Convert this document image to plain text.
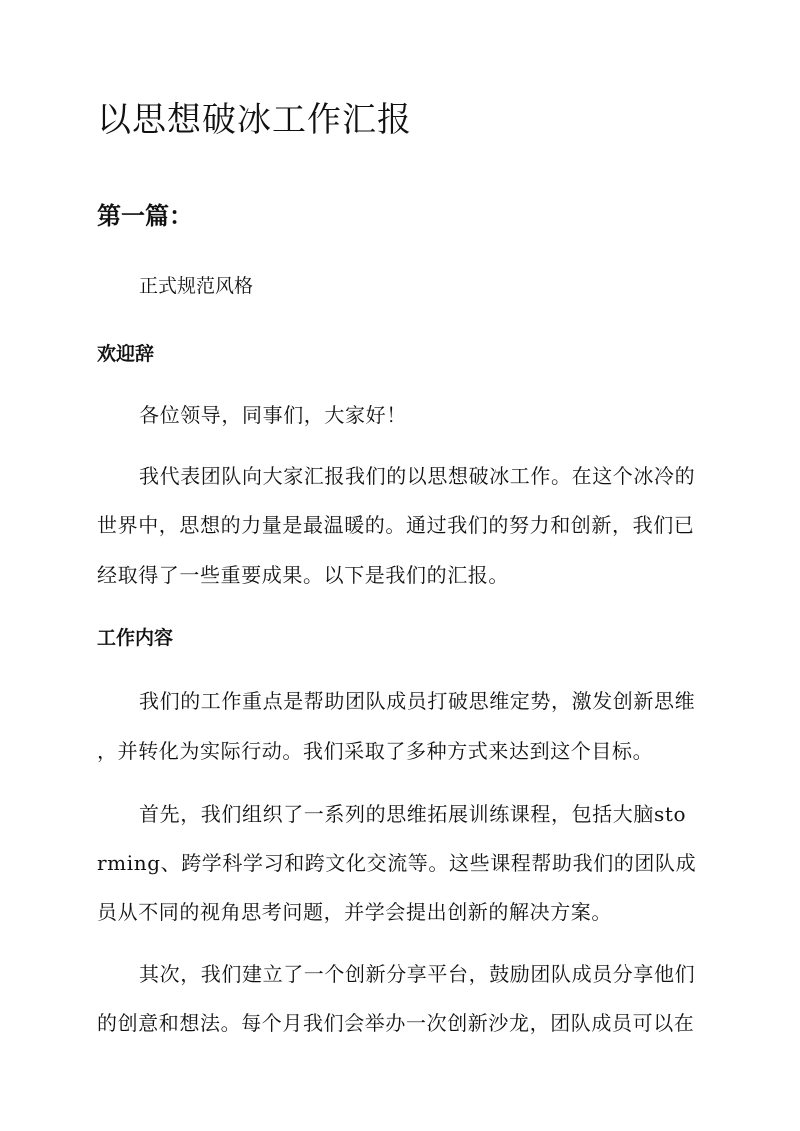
以思想破冰工作汇报
第一篇：

正式规范风格

欢迎辞

各位领导，同事们，大家好！

我代表团队向大家汇报我们的以思想破冰工作。在这个冰冷的

世界中，思想的力量是最温暖的。通过我们的努力和创新，我们已

经取得了一些重要成果。以下是我们的汇报。

工作内容

我们的工作重点是帮助团队成员打破思维定势，激发创新思维

，并转化为实际行动。我们采取了多种方式来达到这个目标。

首先，我们组织了一系列的思维拓展训练课程，包括大脑sto

rming、跨学科学习和跨文化交流等。这些课程帮助我们的团队成

员从不同的视角思考问题，并学会提出创新的解决方案。

其次，我们建立了一个创新分享平台，鼓励团队成员分享他们

的创意和想法。每个月我们会举办一次创新沙龙，团队成员可以在
